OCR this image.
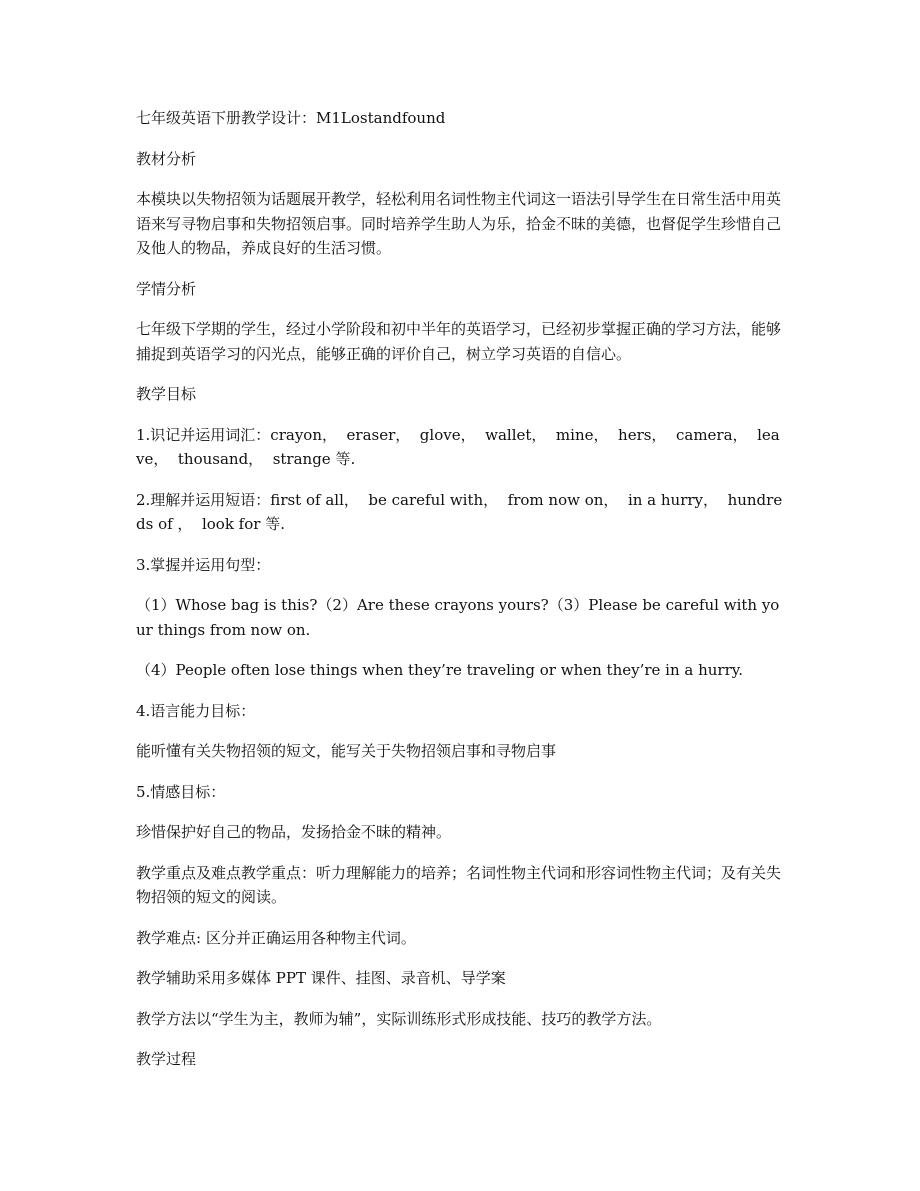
七年级英语下册教学设计：M1Lostandfound

教材分析

本模块以失物招领为话题展开教学，轻松利用名词性物主代词这一语法引导学生在日常生活中用英语来写寻物启事和失物招领启事。同时培养学生助人为乐，拾金不昧的美德，也督促学生珍惜自己及他人的物品，养成良好的生活习惯。

学情分析

七年级下学期的学生，经过小学阶段和初中半年的英语学习，已经初步掌握正确的学习方法，能够捕捉到英语学习的闪光点，能够正确的评价自己，树立学习英语的自信心。

教学目标

1.识记并运用词汇：crayon，  eraser，  glove，  wallet，  mine，  hers，  camera，  leave，  thousand，  strange 等.

2.理解并运用短语：first of all，  be careful with，  from now on，  in a hurry，  hundreds of ，  look for 等.

3.掌握并运用句型：

（1）Whose bag is this?（2）Are these crayons yours?（3）Please be careful with your things from now on.

（4）People often lose things when they’re traveling or when they’re in a hurry.

4.语言能力目标：

能听懂有关失物招领的短文，能写关于失物招领启事和寻物启事

5.情感目标：

珍惜保护好自己的物品，发扬拾金不昧的精神。

教学重点及难点教学重点：听力理解能力的培养；名词性物主代词和形容词性物主代词；及有关失物招领的短文的阅读。

教学难点: 区分并正确运用各种物主代词。

教学辅助采用多媒体 PPT 课件、挂图、录音机、导学案

教学方法以“学生为主，教师为辅”，实际训练形式形成技能、技巧的教学方法。

教学过程
